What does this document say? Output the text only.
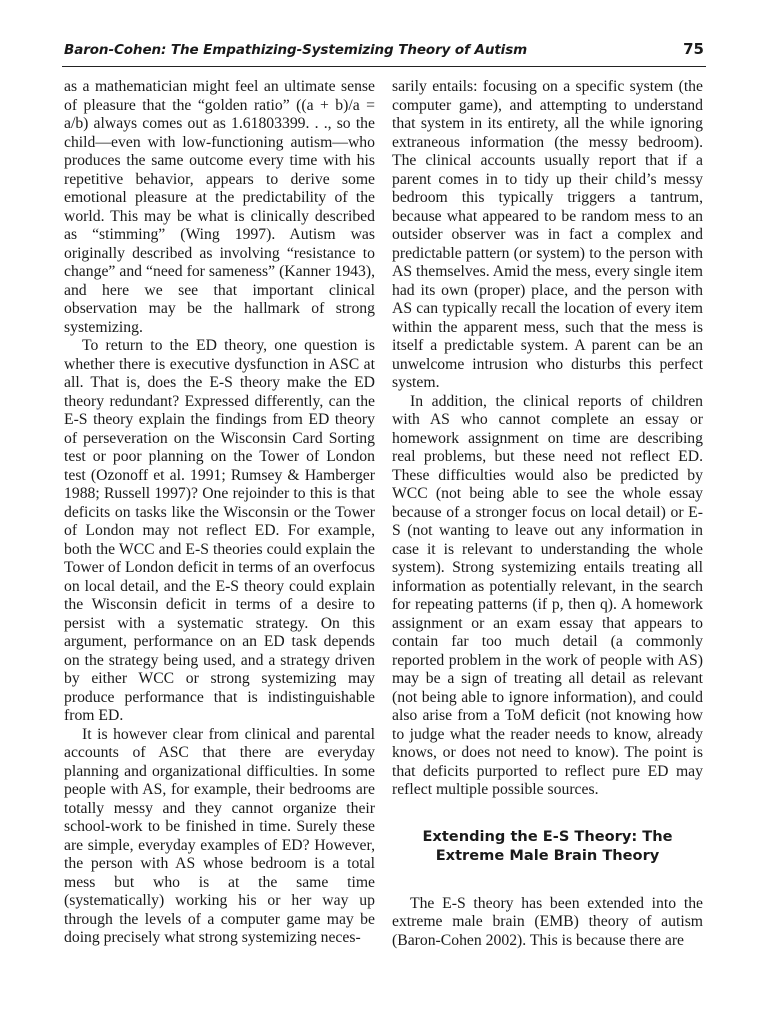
Baron-Cohen: The Empathizing-Systemizing Theory of Autism	75

as a mathematician might feel an ultimate sense of pleasure that the “golden ratio” ((a + b)/a = a/b) always comes out as 1.61803399. . ., so the child—even with low-functioning autism—who produces the same outcome every time with his repetitive behavior, appears to derive some emotional pleasure at the predictability of the world. This may be what is clinically described as “stimming” (Wing 1997). Autism was originally described as involving “resistance to change” and “need for sameness” (Kanner 1943), and here we see that important clinical observation may be the hallmark of strong systemizing.

To return to the ED theory, one question is whether there is executive dysfunction in ASC at all. That is, does the E-S theory make the ED theory redundant? Expressed differently, can the E-S theory explain the findings from ED theory of perseveration on the Wisconsin Card Sorting test or poor planning on the Tower of London test (Ozonoff et al. 1991; Rumsey & Hamberger 1988; Russell 1997)? One rejoinder to this is that deficits on tasks like the Wisconsin or the Tower of London may not reflect ED. For example, both the WCC and E-S theories could explain the Tower of London deficit in terms of an overfocus on local detail, and the E-S theory could explain the Wisconsin deficit in terms of a desire to persist with a systematic strategy. On this argument, performance on an ED task depends on the strategy being used, and a strategy driven by either WCC or strong systemizing may produce performance that is indistinguishable from ED.

It is however clear from clinical and parental accounts of ASC that there are everyday planning and organizational difficulties. In some people with AS, for example, their bedrooms are totally messy and they cannot organize their school-work to be finished in time. Surely these are simple, everyday examples of ED? However, the person with AS whose bedroom is a total mess but who is at the same time (systematically) working his or her way up through the levels of a computer game may be doing precisely what strong systemizing neces-

sarily entails: focusing on a specific system (the computer game), and attempting to understand that system in its entirety, all the while ignoring extraneous information (the messy bedroom). The clinical accounts usually report that if a parent comes in to tidy up their child’s messy bedroom this typically triggers a tantrum, because what appeared to be random mess to an outsider observer was in fact a complex and predictable pattern (or system) to the person with AS themselves. Amid the mess, every single item had its own (proper) place, and the person with AS can typically recall the location of every item within the apparent mess, such that the mess is itself a predictable system. A parent can be an unwelcome intrusion who disturbs this perfect system.

In addition, the clinical reports of children with AS who cannot complete an essay or homework assignment on time are describing real problems, but these need not reflect ED. These difficulties would also be predicted by WCC (not being able to see the whole essay because of a stronger focus on local detail) or E-S (not wanting to leave out any information in case it is relevant to understanding the whole system). Strong systemizing entails treating all information as potentially relevant, in the search for repeating patterns (if p, then q). A homework assignment or an exam essay that appears to contain far too much detail (a commonly reported problem in the work of people with AS) may be a sign of treating all detail as relevant (not being able to ignore information), and could also arise from a ToM deficit (not knowing how to judge what the reader needs to know, already knows, or does not need to know). The point is that deficits purported to reflect pure ED may reflect multiple possible sources.

Extending the E-S Theory: The
Extreme Male Brain Theory

The E-S theory has been extended into the extreme male brain (EMB) theory of autism (Baron-Cohen 2002). This is because there are
